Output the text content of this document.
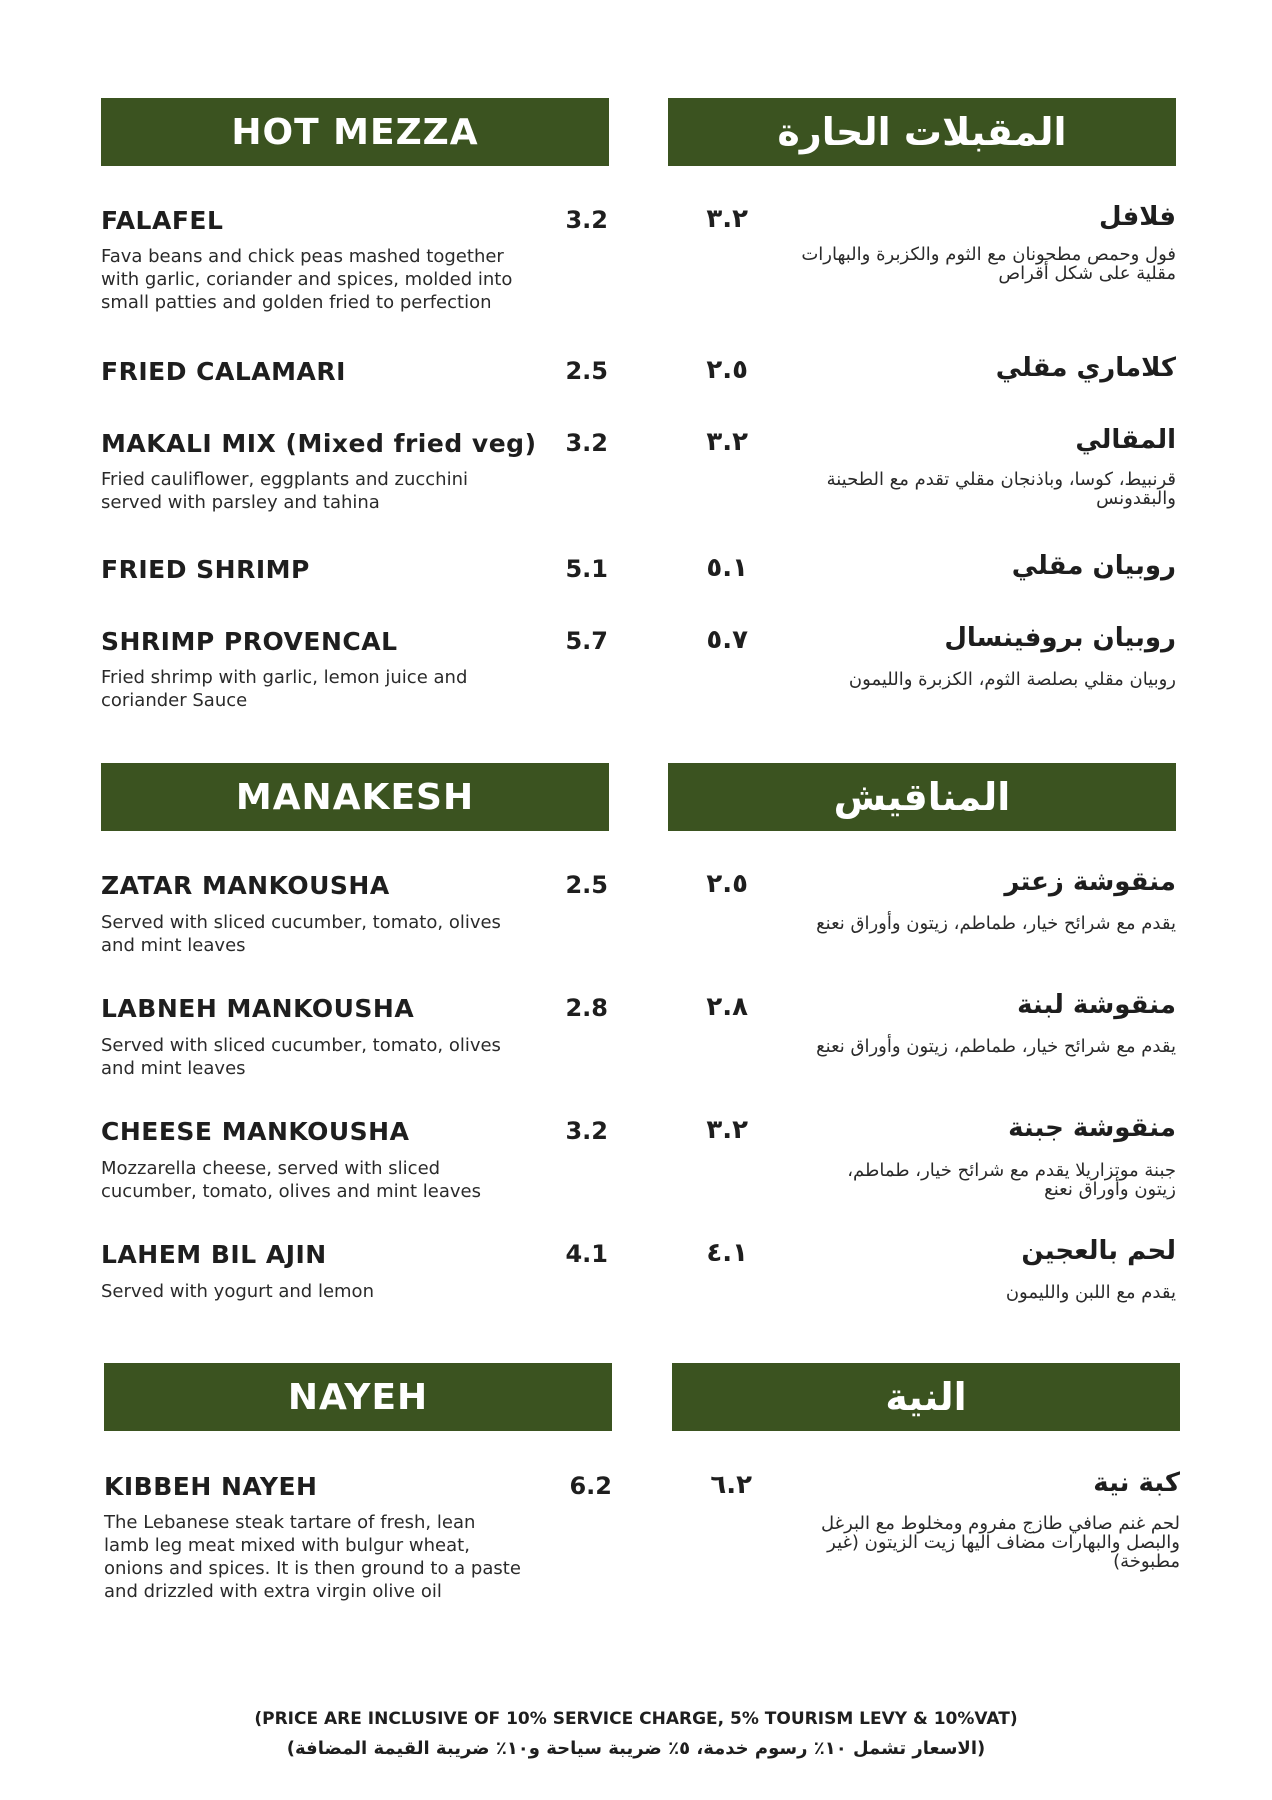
HOT MEZZA	المقبلات الحارة
FALAFEL	3.2	٣.٢	فلافل
Fava beans and chick peas mashed together with garlic, coriander and spices, molded into small patties and golden fried to perfection
فول وحمص مطحونان مع الثوم والكزبرة والبهارات مقلية على شكل أقراص
FRIED CALAMARI	2.5	٢.٥	كلاماري مقلي
MAKALI MIX (Mixed fried veg)	3.2	٣.٢	المقالي
Fried cauliflower, eggplants and zucchini served with parsley and tahina
قرنبيط، كوسا، وباذنجان مقلي تقدم مع الطحينة والبقدونس
FRIED SHRIMP	5.1	٥.١	روبيان مقلي
SHRIMP PROVENCAL	5.7	٥.٧	روبيان بروفينسال
Fried shrimp with garlic, lemon juice and coriander Sauce
روبيان مقلي بصلصة الثوم، الكزبرة والليمون
MANAKESH	المناقيش
ZATAR MANKOUSHA	2.5	٢.٥	منقوشة زعتر
Served with sliced cucumber, tomato, olives and mint leaves
يقدم مع شرائح خيار، طماطم، زيتون وأوراق نعنع
LABNEH MANKOUSHA	2.8	٢.٨	منقوشة لبنة
Served with sliced cucumber, tomato, olives and mint leaves
يقدم مع شرائح خيار، طماطم، زيتون وأوراق نعنع
CHEESE MANKOUSHA	3.2	٣.٢	منقوشة جبنة
Mozzarella cheese, served with sliced cucumber, tomato, olives and mint leaves
جبنة موتزاريلا يقدم مع شرائح خيار، طماطم، زيتون وأوراق نعنع
LAHEM BIL AJIN	4.1	٤.١	لحم بالعجين
Served with yogurt and lemon	يقدم مع اللبن والليمون
NAYEH	النية
KIBBEH NAYEH	6.2	٦.٢	كبة نية
The Lebanese steak tartare of fresh, lean lamb leg meat mixed with bulgur wheat, onions and spices. It is then ground to a paste and drizzled with extra virgin olive oil
لحم غنم صافي طازج مفروم ومخلوط مع البرغل والبصل والبهارات مضاف اليها زيت الزيتون (غير مطبوخة)
(PRICE ARE INCLUSIVE OF 10% SERVICE CHARGE, 5% TOURISM LEVY & 10%VAT)
(الاسعار تشمل ١٠٪ رسوم خدمة، ٥٪ ضريبة سياحة و١٠٪ ضريبة القيمة المضافة)
